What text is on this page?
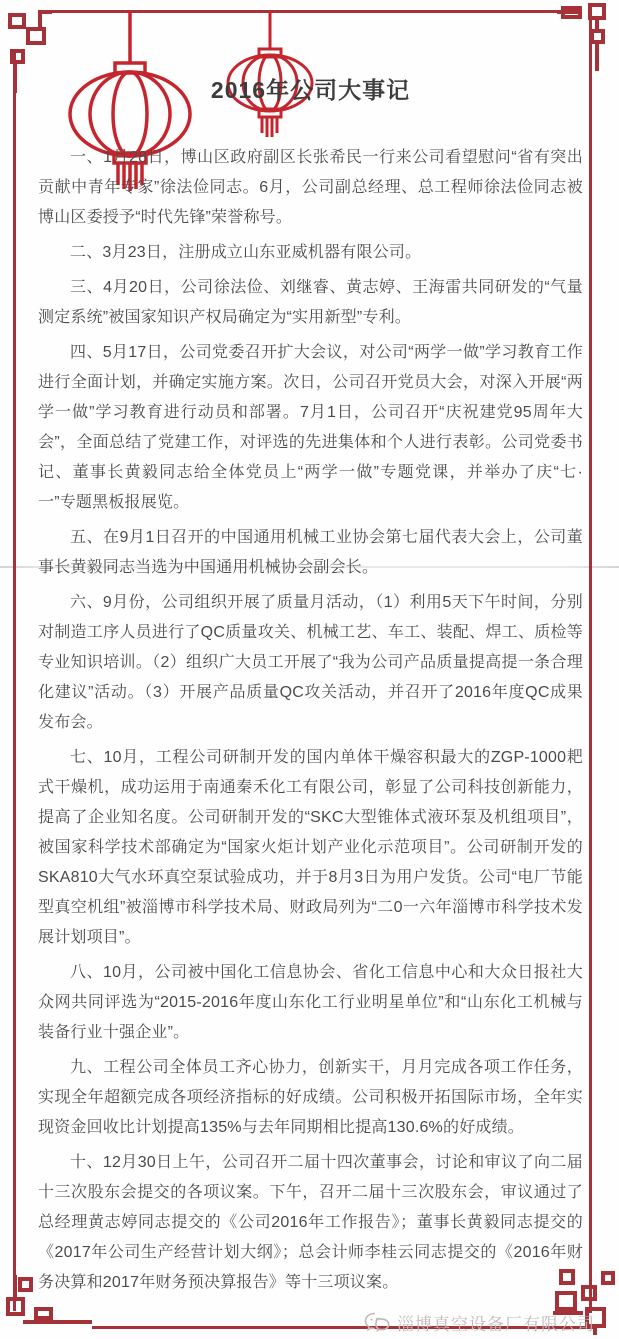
2016年公司大事记

一、1月28日，博山区政府副区长张希民一行来公司看望慰问“省有突出贡献中青年专家”徐法俭同志。6月，公司副总经理、总工程师徐法俭同志被博山区委授予“时代先锋”荣誉称号。

二、3月23日，注册成立山东亚威机器有限公司。

三、4月20日，公司徐法俭、刘继睿、黄志婷、王海雷共同研发的“气量测定系统”被国家知识产权局确定为“实用新型”专利。

四、5月17日，公司党委召开扩大会议，对公司“两学一做”学习教育工作进行全面计划，并确定实施方案。次日，公司召开党员大会，对深入开展“两学一做”学习教育进行动员和部署。7月1日，公司召开“庆祝建党95周年大会”，全面总结了党建工作，对评选的先进集体和个人进行表彰。公司党委书记、董事长黄毅同志给全体党员上“两学一做”专题党课，并举办了庆“七·一”专题黑板报展览。

五、在9月1日召开的中国通用机械工业协会第七届代表大会上，公司董事长黄毅同志当选为中国通用机械协会副会长。

六、9月份，公司组织开展了质量月活动，（1）利用5天下午时间，分别对制造工序人员进行了QC质量攻关、机械工艺、车工、装配、焊工、质检等专业知识培训。（2）组织广大员工开展了“我为公司产品质量提高提一条合理化建议”活动。（3）开展产品质量QC攻关活动，并召开了2016年度QC成果发布会。

七、10月，工程公司研制开发的国内单体干燥容积最大的ZGP-1000耙式干燥机，成功运用于南通秦禾化工有限公司，彰显了公司科技创新能力，提高了企业知名度。公司研制开发的“SKC大型锥体式液环泵及机组项目”，被国家科学技术部确定为“国家火炬计划产业化示范项目”。公司研制开发的SKA810大气水环真空泵试验成功，并于8月3日为用户发货。公司“电厂节能型真空机组”被淄博市科学技术局、财政局列为“二0一六年淄博市科学技术发展计划项目”。

八、10月，公司被中国化工信息协会、省化工信息中心和大众日报社大众网共同评选为“2015-2016年度山东化工行业明星单位”和“山东化工机械与装备行业十强企业”。

九、工程公司全体员工齐心协力，创新实干，月月完成各项工作任务，实现全年超额完成各项经济指标的好成绩。公司积极开拓国际市场，全年实现资金回收比计划提高135%与去年同期相比提高130.6%的好成绩。

十、12月30日上午，公司召开二届十四次董事会，讨论和审议了向二届十三次股东会提交的各项议案。下午，召开二届十三次股东会，审议通过了总经理黄志婷同志提交的《公司2016年工作报告》；董事长黄毅同志提交的《2017年公司生产经营计划大纲》；总会计师李桂云同志提交的《2016年财务决算和2017年财务预决算报告》等十三项议案。

淄博真空设备厂有限公司
